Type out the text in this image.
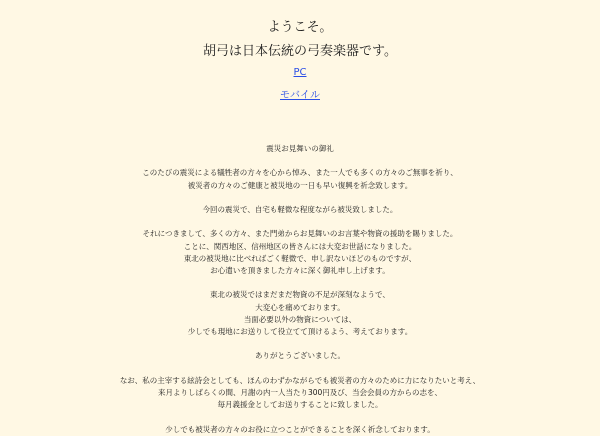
ようこそ。
胡弓は日本伝統の弓奏楽器です。
PC
モバイル

震災お見舞いの御礼

このたびの震災による犠牲者の方々を心から悼み、また一人でも多くの方々のご無事を祈り、

被災者の方々のご健康と被災地の一日も早い復興を祈念致します。

今回の震災で、自宅も軽微な程度ながら被災致しました。

それにつきまして、多くの方々、また門弟からお見舞いのお言葉や物資の援助を賜りました。

ことに、関西地区、信州地区の皆さんには大変お世話になりました。

東北の被災地に比べればごく軽微で、申し訳ないほどのものですが、

お心遣いを頂きました方々に深く御礼申し上げます。

東北の被災ではまだまだ物資の不足が深刻なようで、

大変心を痛めております。

当面必要以外の物資については、

少しでも現地にお送りして役立てて頂けるよう、考えております。

ありがとうございました。

なお、私の主宰する絃詩会としても、ほんのわずかながらでも被災者の方々のために力になりたいと考え、

来月よりしばらくの間、月謝の内一人当たり300円及び、当会会員の方からの志を、

毎月義援金としてお送りすることに致しました。

少しでも被災者の方々のお役に立つことができることを深く祈念しております。
